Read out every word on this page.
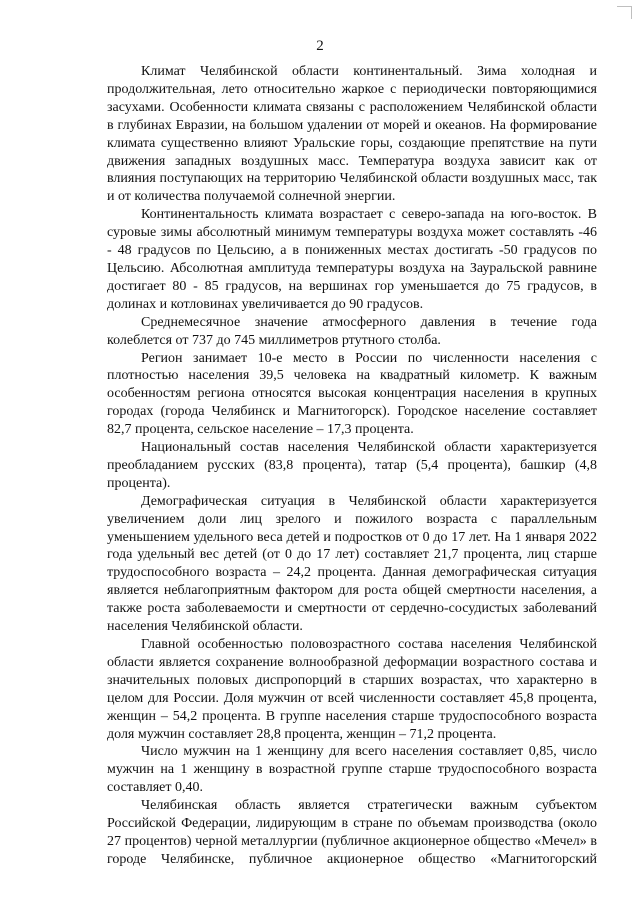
2

Климат Челябинской области континентальный. Зима холодная и продолжительная, лето относительно жаркое с периодически повторяющимися засухами. Особенности климата связаны с расположением Челябинской области в глубинах Евразии, на большом удалении от морей и океанов. На формирование климата существенно влияют Уральские горы, создающие препятствие на пути движения западных воздушных масс. Температура воздуха зависит как от влияния поступающих на территорию Челябинской области воздушных масс, так и от количества получаемой солнечной энергии.

Континентальность климата возрастает с северо-запада на юго-восток. В суровые зимы абсолютный минимум температуры воздуха может составлять -46 - 48 градусов по Цельсию, а в пониженных местах достигать -50 градусов по Цельсию. Абсолютная амплитуда температуры воздуха на Зауральской равнине достигает 80 - 85 градусов, на вершинах гор уменьшается до 75 градусов, в долинах и котловинах увеличивается до 90 градусов.

Среднемесячное значение атмосферного давления в течение года колеблется от 737 до 745 миллиметров ртутного столба.

Регион занимает 10-е место в России по численности населения с плотностью населения 39,5 человека на квадратный километр. К важным особенностям региона относятся высокая концентрация населения в крупных городах (города Челябинск и Магнитогорск). Городское население составляет 82,7 процента, сельское население – 17,3 процента.

Национальный состав населения Челябинской области характеризуется преобладанием русских (83,8 процента), татар (5,4 процента), башкир (4,8 процента).

Демографическая ситуация в Челябинской области характеризуется увеличением доли лиц зрелого и пожилого возраста с параллельным уменьшением удельного веса детей и подростков от 0 до 17 лет. На 1 января 2022 года удельный вес детей (от 0 до 17 лет) составляет 21,7 процента, лиц старше трудоспособного возраста – 24,2 процента. Данная демографическая ситуация является неблагоприятным фактором для роста общей смертности населения, а также роста заболеваемости и смертности от сердечно-сосудистых заболеваний населения Челябинской области.

Главной особенностью половозрастного состава населения Челябинской области является сохранение волнообразной деформации возрастного состава и значительных половых диспропорций в старших возрастах, что характерно в целом для России. Доля мужчин от всей численности составляет 45,8 процента, женщин – 54,2 процента. В группе населения старше трудоспособного возраста доля мужчин составляет 28,8 процента, женщин – 71,2 процента.

Число мужчин на 1 женщину для всего населения составляет 0,85, число мужчин на 1 женщину в возрастной группе старше трудоспособного возраста составляет 0,40.

Челябинская область является стратегически важным субъектом Российской Федерации, лидирующим в стране по объемам производства (около 27 процентов) черной металлургии (публичное акционерное общество «Мечел» в городе Челябинске, публичное акционерное общество «Магнитогорский
